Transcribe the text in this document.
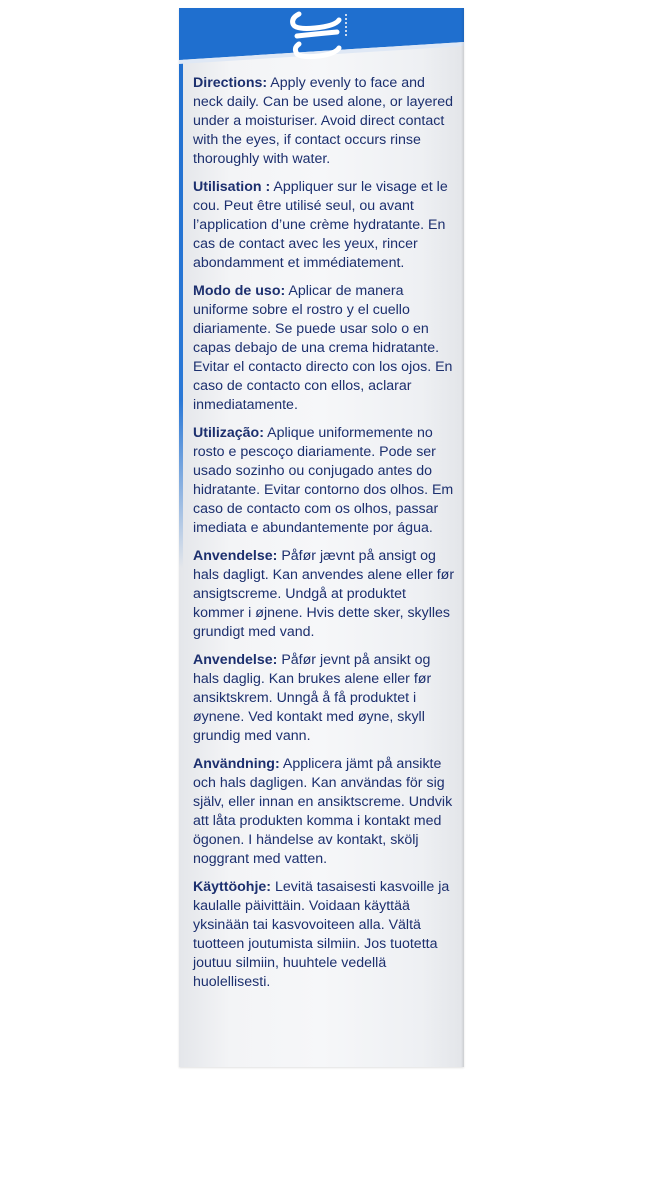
Directions: Apply evenly to face and neck daily. Can be used alone, or layered under a moisturiser. Avoid direct contact with the eyes, if contact occurs rinse thoroughly with water.

Utilisation : Appliquer sur le visage et le cou. Peut être utilisé seul, ou avant l’application d’une crème hydratante. En cas de contact avec les yeux, rincer abondamment et immédiatement.

Modo de uso: Aplicar de manera uniforme sobre el rostro y el cuello diariamente. Se puede usar solo o en capas debajo de una crema hidratante. Evitar el contacto directo con los ojos. En caso de contacto con ellos, aclarar inmediatamente.

Utilização: Aplique uniformemente no rosto e pescoço diariamente. Pode ser usado sozinho ou conjugado antes do hidratante. Evitar contorno dos olhos. Em caso de contacto com os olhos, passar imediata e abundantemente por água.

Anvendelse: Påfør jævnt på ansigt og hals dagligt. Kan anvendes alene eller før ansigtscreme. Undgå at produktet kommer i øjnene. Hvis dette sker, skylles grundigt med vand.

Anvendelse: Påfør jevnt på ansikt og hals daglig. Kan brukes alene eller før ansiktskrem. Unngå å få produktet i øynene. Ved kontakt med øyne, skyll grundig med vann.

Användning: Applicera jämt på ansikte och hals dagligen. Kan användas för sig själv, eller innan en ansiktscreme. Undvik att låta produkten komma i kontakt med ögonen. I händelse av kontakt, skölj noggrant med vatten.

Käyttöohje: Levitä tasaisesti kasvoille ja kaulalle päivittäin. Voidaan käyttää yksinään tai kasvovoiteen alla. Vältä tuotteen joutumista silmiin. Jos tuotetta joutuu silmiin, huuhtele vedellä huolellisesti.
